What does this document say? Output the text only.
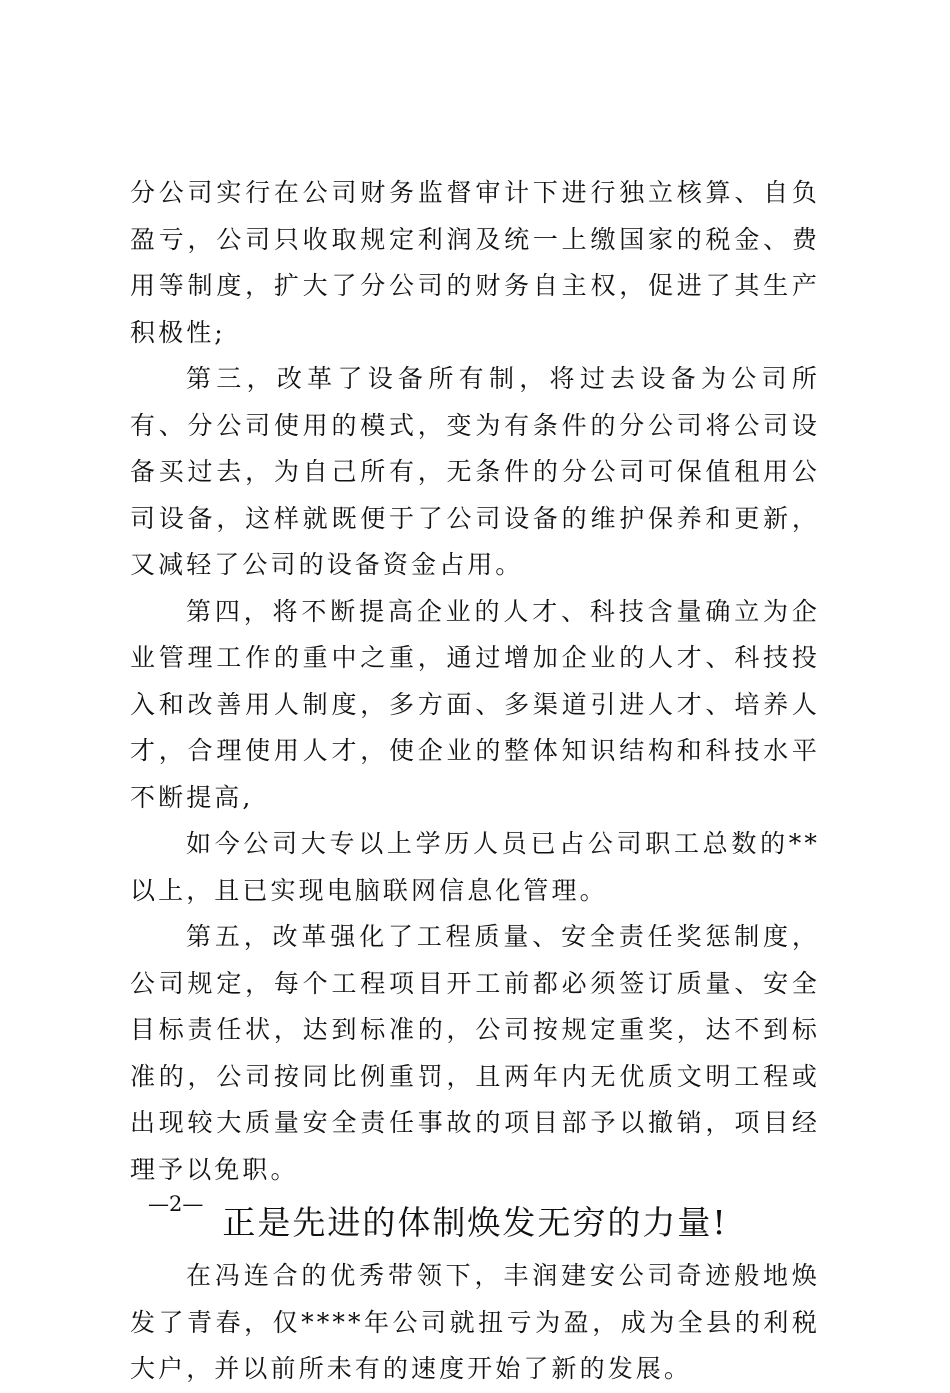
分公司实行在公司财务监督审计下进行独立核算、自负盈亏，公司只收取规定利润及统一上缴国家的税金、费用等制度，扩大了分公司的财务自主权，促进了其生产积极性;

第三，改革了设备所有制，将过去设备为公司所有、分公司使用的模式，变为有条件的分公司将公司设备买过去，为自己所有，无条件的分公司可保值租用公司设备，这样就既便于了公司设备的维护保养和更新，又减轻了公司的设备资金占用。

第四，将不断提高企业的人才、科技含量确立为企业管理工作的重中之重，通过增加企业的人才、科技投入和改善用人制度，多方面、多渠道引进人才、培养人才，合理使用人才，使企业的整体知识结构和科技水平不断提高,

如今公司大专以上学历人员已占公司职工总数的**以上，且已实现电脑联网信息化管理。

第五，改革强化了工程质量、安全责任奖惩制度，公司规定，每个工程项目开工前都必须签订质量、安全目标责任状，达到标准的，公司按规定重奖，达不到标准的，公司按同比例重罚，且两年内无优质文明工程或出现较大质量安全责任事故的项目部予以撤销，项目经理予以免职。

正是先进的体制焕发无穷的力量!

在冯连合的优秀带领下，丰润建安公司奇迹般地焕发了青春，仅****年公司就扭亏为盈，成为全县的利税大户，并以前所未有的速度开始了新的发展。

—2—
